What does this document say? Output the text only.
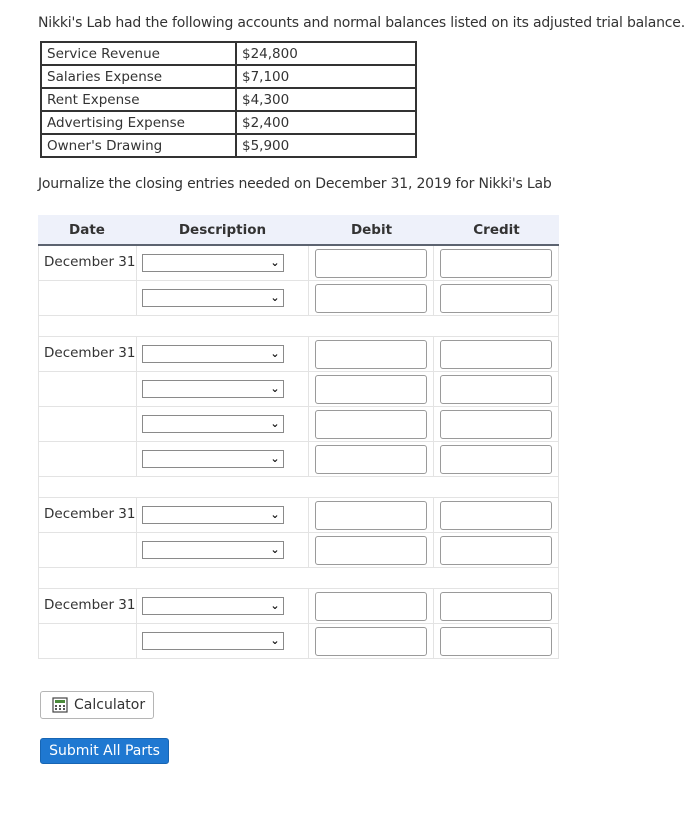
Nikki's Lab had the following accounts and normal balances listed on its adjusted trial balance.
Service Revenue	$24,800
Salaries Expense	$7,100
Rent Expense	$4,300
Advertising Expense	$2,400
Owner's Drawing	$5,900
Journalize the closing entries needed on December 31, 2019 for Nikki's Lab
Date	Description	Debit	Credit
December 31	⌄
⌄
December 31	⌄
⌄
⌄
⌄
December 31	⌄
⌄
December 31	⌄
⌄
Calculator
Submit All Parts
